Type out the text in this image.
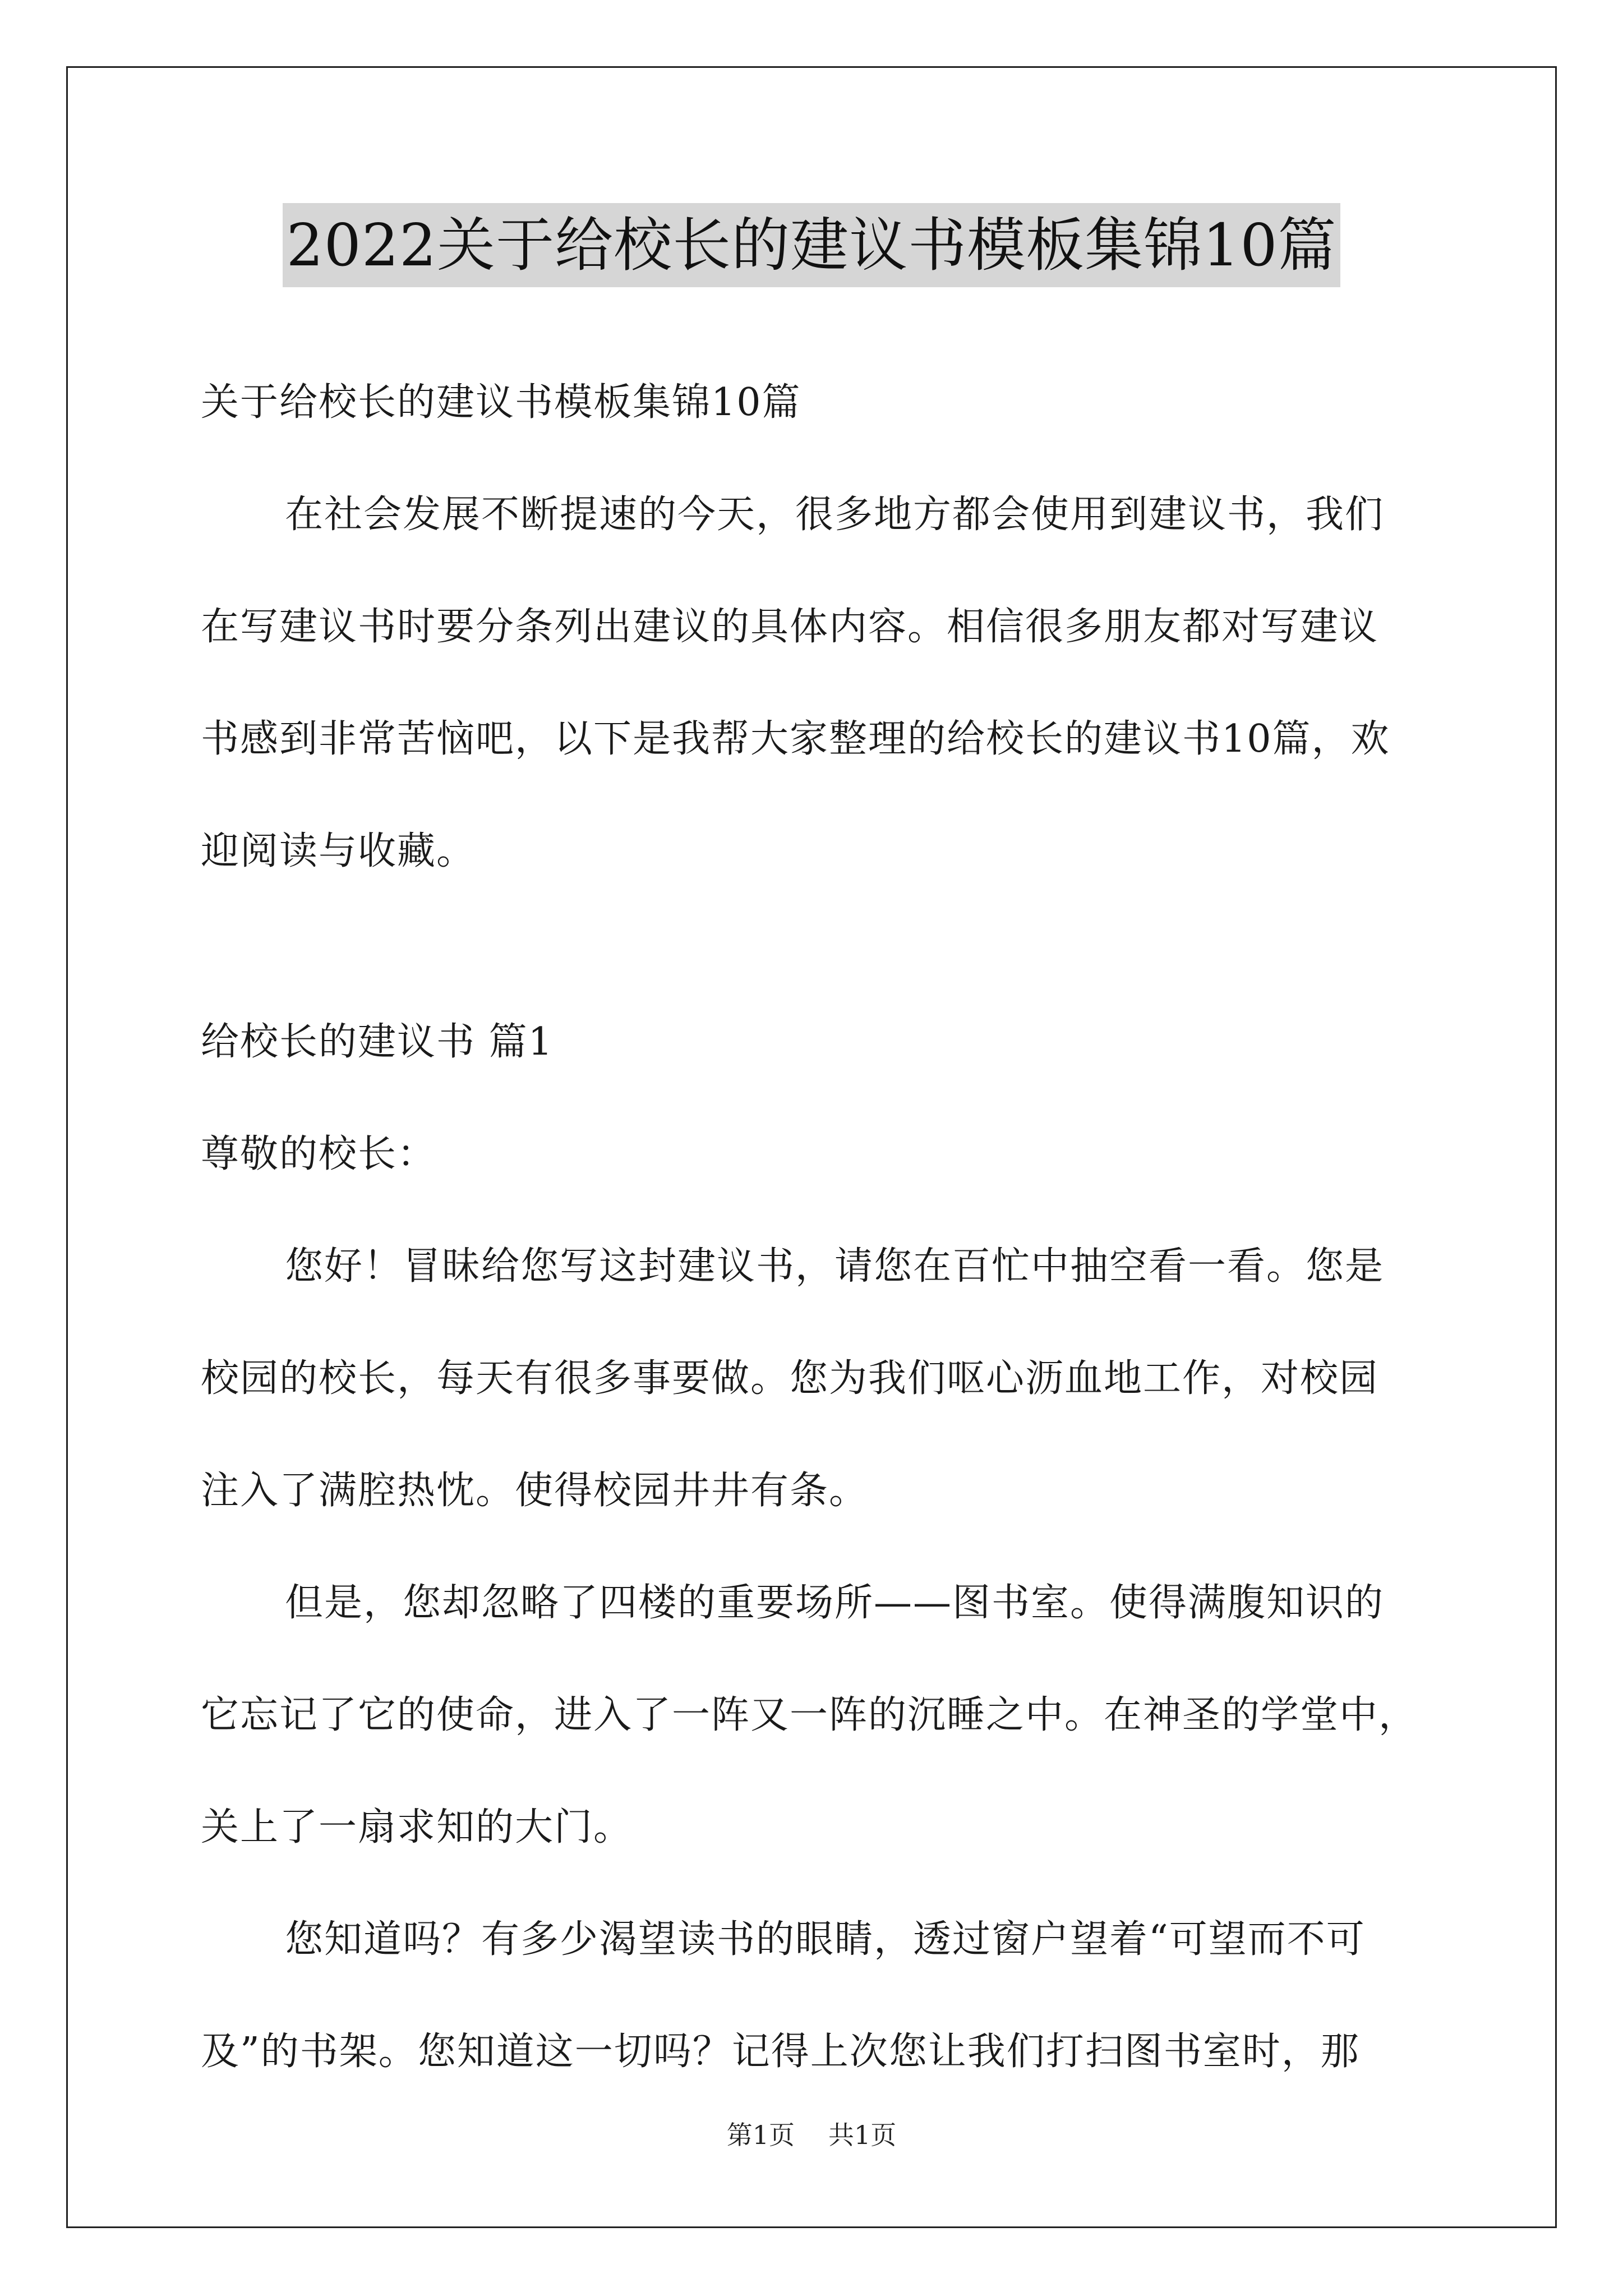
2022关于给校长的建议书模板集锦10篇

关于给校长的建议书模板集锦10篇

在社会发展不断提速的今天，很多地方都会使用到建议书，我们

在写建议书时要分条列出建议的具体内容。相信很多朋友都对写建议

书感到非常苦恼吧，以下是我帮大家整理的给校长的建议书10篇，欢

迎阅读与收藏。

给校长的建议书 篇1

尊敬的校长：

您好！冒昧给您写这封建议书，请您在百忙中抽空看一看。您是

校园的校长，每天有很多事要做。您为我们呕心沥血地工作，对校园

注入了满腔热忱。使得校园井井有条。

但是，您却忽略了四楼的重要场所——图书室。使得满腹知识的

它忘记了它的使命，进入了一阵又一阵的沉睡之中。在神圣的学堂中，

关上了一扇求知的大门。

您知道吗？有多少渴望读书的眼睛，透过窗户望着“可望而不可

及”的书架。您知道这一切吗？记得上次您让我们打扫图书室时，那

第1页 共1页
